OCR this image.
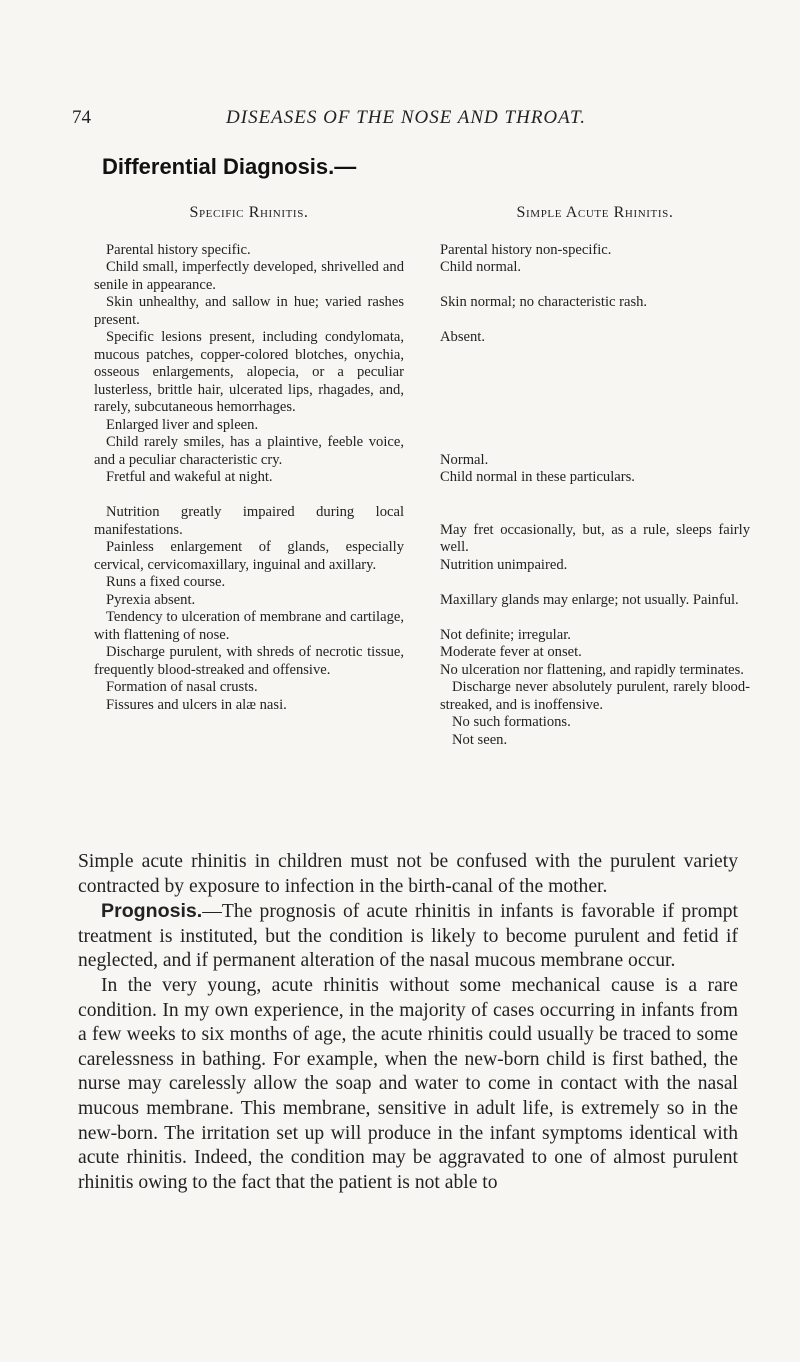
74	DISEASES OF THE NOSE AND THROAT.
Differential Diagnosis.—
Specific Rhinitis.
Parental history specific.
Child small, imperfectly developed, shrivelled and senile in appearance.
Skin unhealthy, and sallow in hue; varied rashes present.
Specific lesions present, including condylomata, mucous patches, copper-colored blotches, onychia, osseous enlargements, alopecia, or a peculiar lusterless, brittle hair, ulcerated lips, rhagades, and, rarely, subcutaneous hemorrhages.
Enlarged liver and spleen.
Child rarely smiles, has a plaintive, feeble voice, and a peculiar characteristic cry.
Fretful and wakeful at night.
Nutrition greatly impaired during local manifestations.
Painless enlargement of glands, especially cervical, cervicomaxillary, inguinal and axillary.
Runs a fixed course.
Pyrexia absent.
Tendency to ulceration of membrane and cartilage, with flattening of nose.
Discharge purulent, with shreds of necrotic tissue, frequently blood-streaked and offensive.
Formation of nasal crusts.
Fissures and ulcers in alæ nasi.
Simple Acute Rhinitis.
Parental history non-specific.
Child normal.
Skin normal; no characteristic rash.
Absent.
Normal.
Child normal in these particulars.
May fret occasionally, but, as a rule, sleeps fairly well.
Nutrition unimpaired.
Maxillary glands may enlarge; not usually. Painful.
Not definite; irregular.
Moderate fever at onset.
No ulceration nor flattening, and rapidly terminates.
Discharge never absolutely purulent, rarely blood-streaked, and is inoffensive.
No such formations.
Not seen.

Simple acute rhinitis in children must not be confused with the purulent variety contracted by exposure to infection in the birth-canal of the mother.

Prognosis.—The prognosis of acute rhinitis in infants is favorable if prompt treatment is instituted, but the condition is likely to become purulent and fetid if neglected, and if permanent alteration of the nasal mucous membrane occur.

In the very young, acute rhinitis without some mechanical cause is a rare condition. In my own experience, in the majority of cases occurring in infants from a few weeks to six months of age, the acute rhinitis could usually be traced to some carelessness in bathing. For example, when the new-born child is first bathed, the nurse may carelessly allow the soap and water to come in contact with the nasal mucous membrane. This membrane, sensitive in adult life, is extremely so in the new-born. The irritation set up will produce in the infant symptoms identical with acute rhinitis. Indeed, the condition may be aggravated to one of almost purulent rhinitis owing to the fact that the patient is not able to
